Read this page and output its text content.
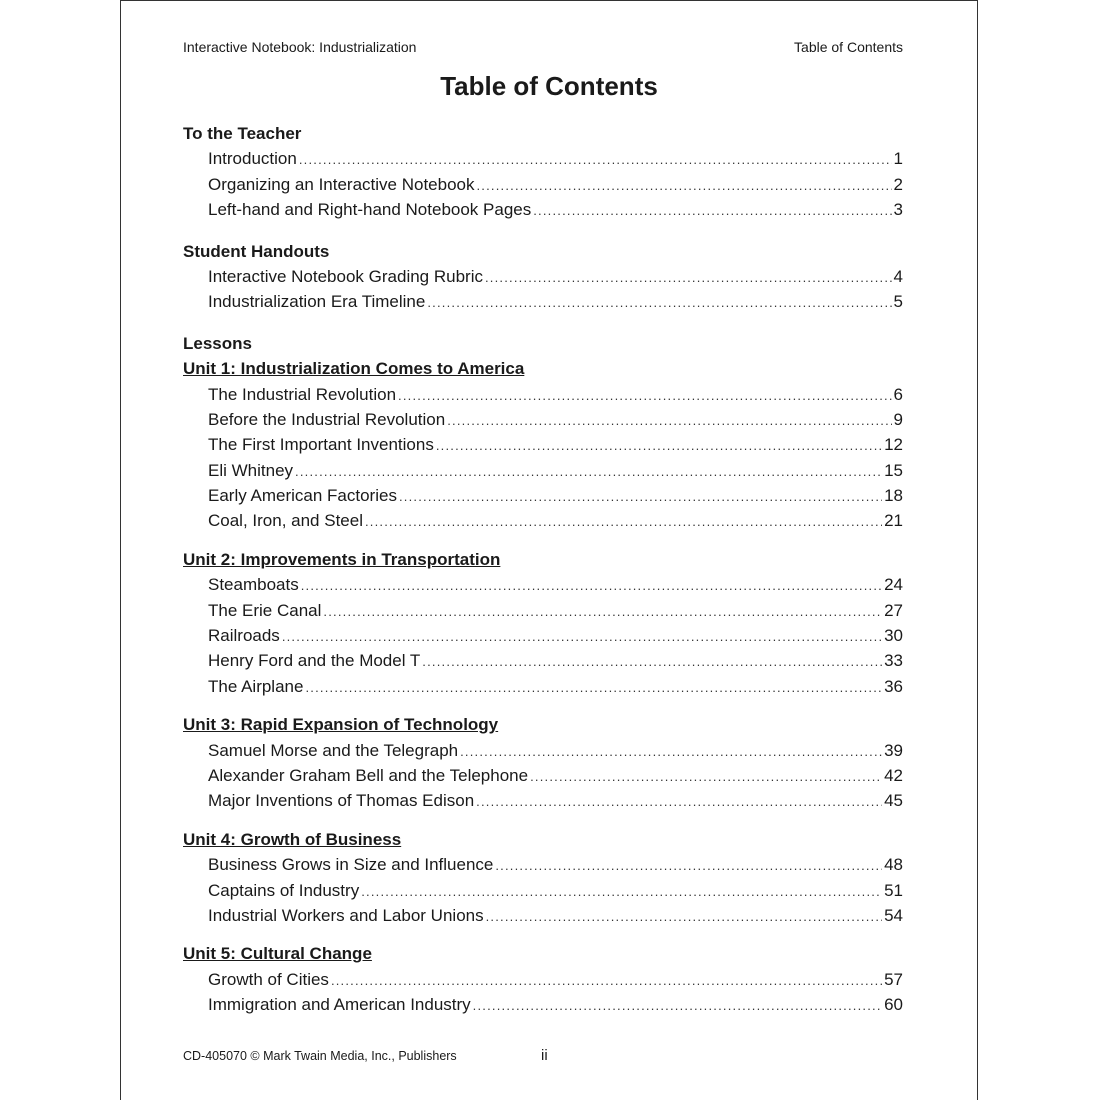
Interactive Notebook: Industrialization	Table of Contents
Table of Contents
To the Teacher
Introduction .....	1
Organizing an Interactive Notebook .....	2
Left-hand and Right-hand Notebook Pages .....	3
Student Handouts
Interactive Notebook Grading Rubric .....	4
Industrialization Era Timeline .....	5
Lessons
Unit 1: Industrialization Comes to America
The Industrial Revolution .....	6
Before the Industrial Revolution .....	9
The First Important Inventions .....	12
Eli Whitney .....	15
Early American Factories .....	18
Coal, Iron, and Steel .....	21
Unit 2: Improvements in Transportation
Steamboats .....	24
The Erie Canal .....	27
Railroads .....	30
Henry Ford and the Model T .....	33
The Airplane .....	36
Unit 3: Rapid Expansion of Technology
Samuel Morse and the Telegraph .....	39
Alexander Graham Bell and the Telephone .....	42
Major Inventions of Thomas Edison .....	45
Unit 4: Growth of Business
Business Grows in Size and Influence .....	48
Captains of Industry .....	51
Industrial Workers and Labor Unions .....	54
Unit 5: Cultural Change
Growth of Cities .....	57
Immigration and American Industry .....	60
CD-405070 © Mark Twain Media, Inc., Publishers	ii
